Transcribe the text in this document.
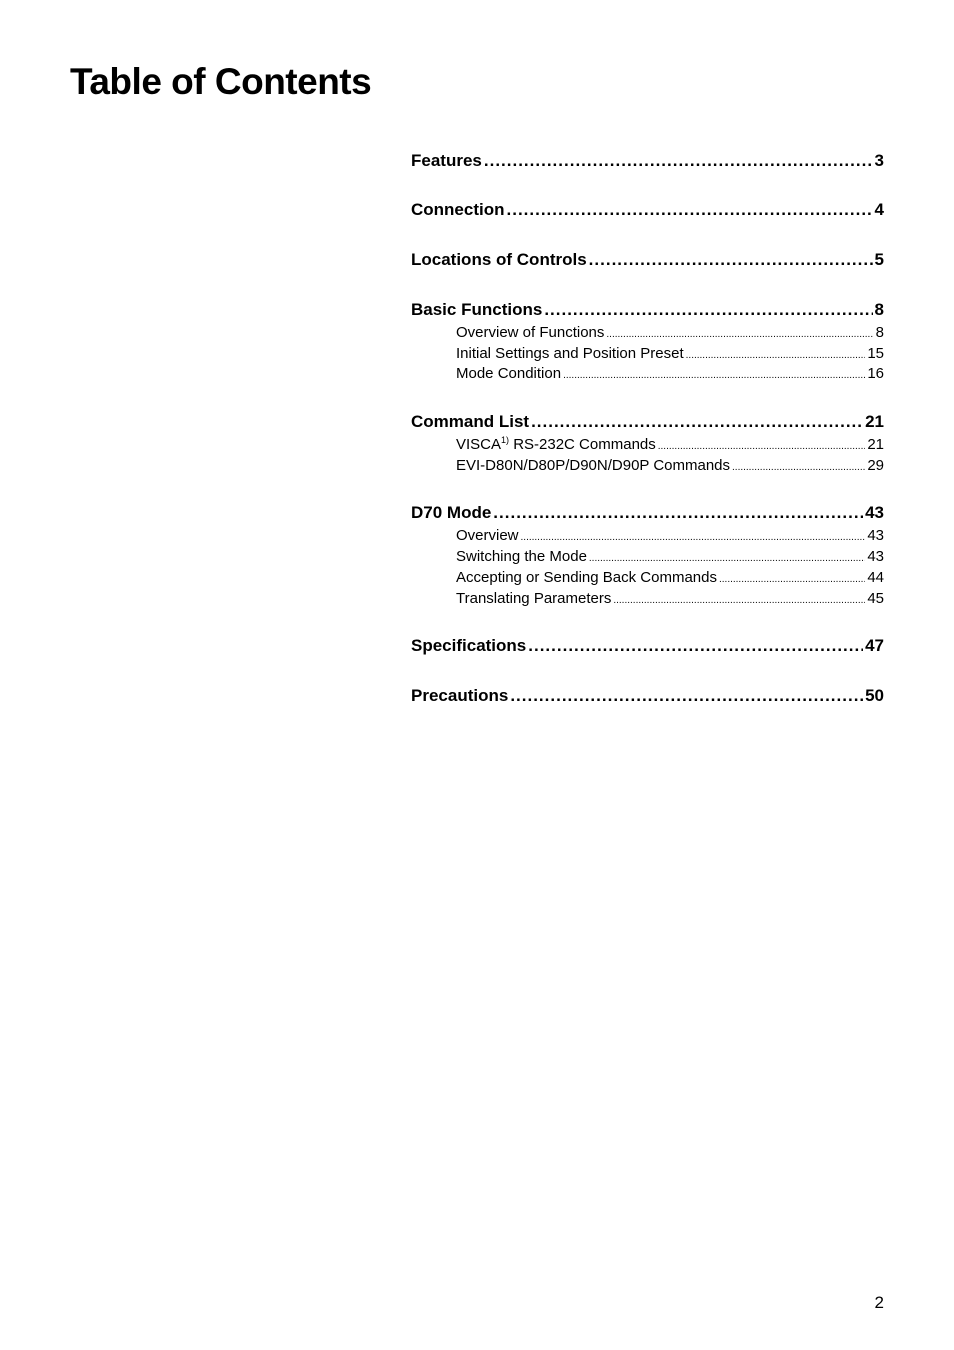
Table of Contents
Features .....	3
Connection .....	4
Locations of Controls .....	5
Basic Functions .....	8
Overview of Functions .....	8
Initial Settings and Position Preset .....	15
Mode Condition .....	16
Command List .....	21
VISCA$^{1)}$ RS-232C Commands .....	21
EVI-D80N/D80P/D90N/D90P Commands .....	29
D70 Mode .....	43
Overview .....	43
Switching the Mode .....	43
Accepting or Sending Back Commands .....	44
Translating Parameters .....	45
Specifications .....	47
Precautions .....	50
2
